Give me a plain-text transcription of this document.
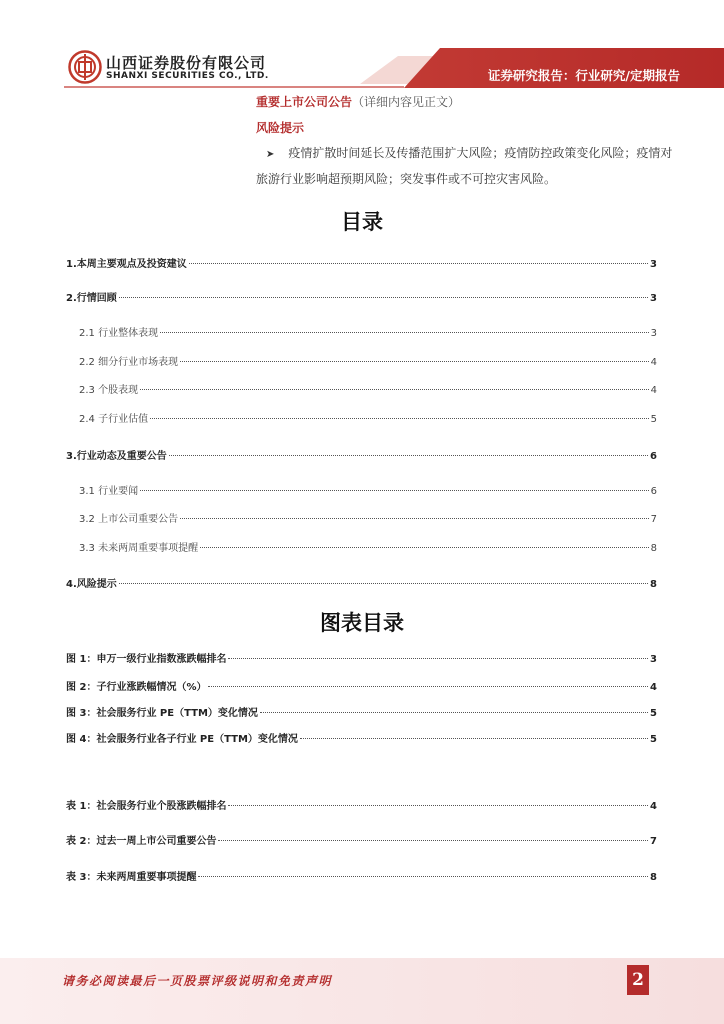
山西证券股份有限公司
SHANXI SECURITIES CO., LTD.	证券研究报告：行业研究/定期报告
重要上市公司公告（详细内容见正文）
风险提示
➤ 疫情扩散时间延长及传播范围扩大风险；疫情防控政策变化风险；疫情对旅游行业影响超预期风险；突发事件或不可控灾害风险。
目录
1.本周主要观点及投资建议	3
2.行情回顾	3
2.1 行业整体表现	3
2.2 细分行业市场表现	4
2.3 个股表现	4
2.4 子行业估值	5
3.行业动态及重要公告	6
3.1 行业要闻	6
3.2 上市公司重要公告	7
3.3 未来两周重要事项提醒	8
4.风险提示	8
图表目录
图 1：申万一级行业指数涨跌幅排名	3
图 2：子行业涨跌幅情况（%）	4
图 3：社会服务行业 PE（TTM）变化情况	5
图 4：社会服务行业各子行业 PE（TTM）变化情况	5
表 1：社会服务行业个股涨跌幅排名	4
表 2：过去一周上市公司重要公告	7
表 3：未来两周重要事项提醒	8
请务必阅读最后一页股票评级说明和免责声明	2
